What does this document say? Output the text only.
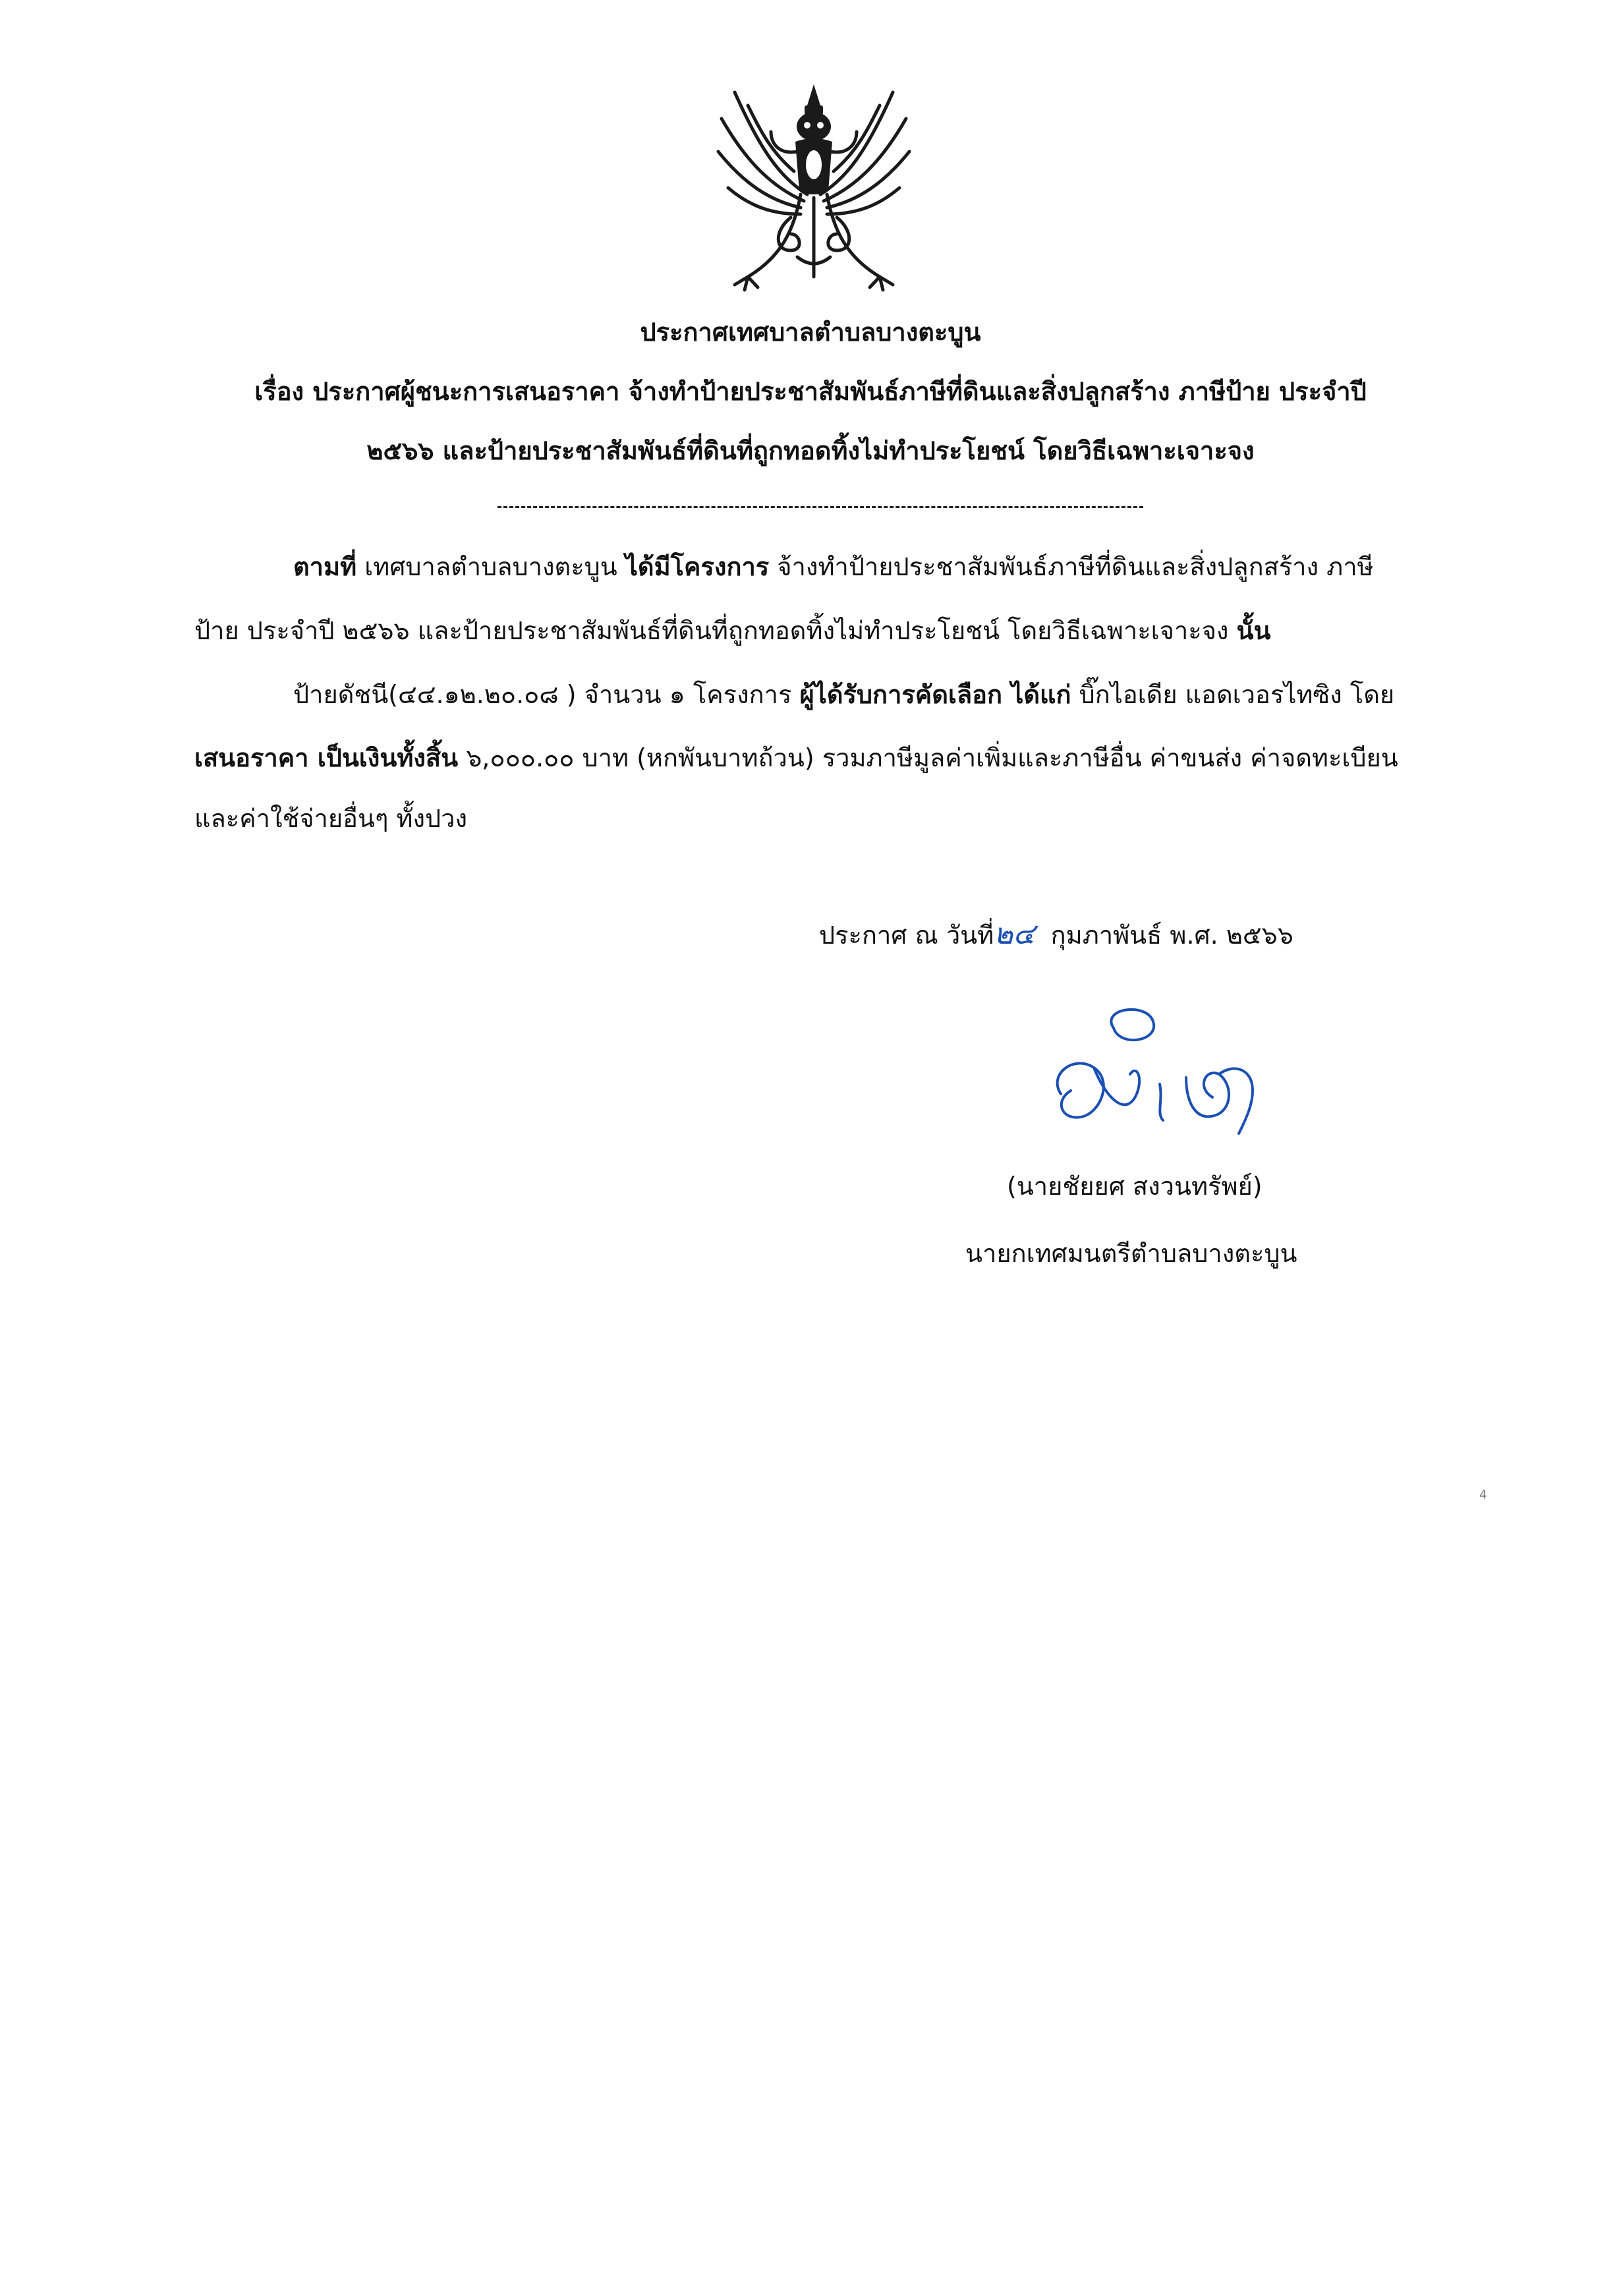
ประกาศเทศบาลตำบลบางตะบูน
เรื่อง ประกาศผู้ชนะการเสนอราคา จ้างทำป้ายประชาสัมพันธ์ภาษีที่ดินและสิ่งปลูกสร้าง ภาษีป้าย ประจำปี
๒๕๖๖ และป้ายประชาสัมพันธ์ที่ดินที่ถูกทอดทิ้งไม่ทำประโยชน์ โดยวิธีเฉพาะเจาะจง
ตามที่ เทศบาลตำบลบางตะบูน ได้มีโครงการ จ้างทำป้ายประชาสัมพันธ์ภาษีที่ดินและสิ่งปลูกสร้าง ภาษี
ป้าย ประจำปี ๒๕๖๖ และป้ายประชาสัมพันธ์ที่ดินที่ถูกทอดทิ้งไม่ทำประโยชน์ โดยวิธีเฉพาะเจาะจง นั้น
ป้ายดัชนี(๔๔.๑๒.๒๐.๐๘ ) จำนวน ๑ โครงการ ผู้ได้รับการคัดเลือก ได้แก่ บิ๊กไอเดีย แอดเวอรไทซิง โดย
เสนอราคา เป็นเงินทั้งสิ้น ๖,๐๐๐.๐๐ บาท (หกพันบาทถ้วน) รวมภาษีมูลค่าเพิ่มและภาษีอื่น ค่าขนส่ง ค่าจดทะเบียน
และค่าใช้จ่ายอื่นๆ ทั้งปวง
ประกาศ ณ วันที่๒๔ กุมภาพันธ์ พ.ศ. ๒๕๖๖
(นายชัยยศ สงวนทรัพย์)
นายกเทศมนตรีตำบลบางตะบูน
4
